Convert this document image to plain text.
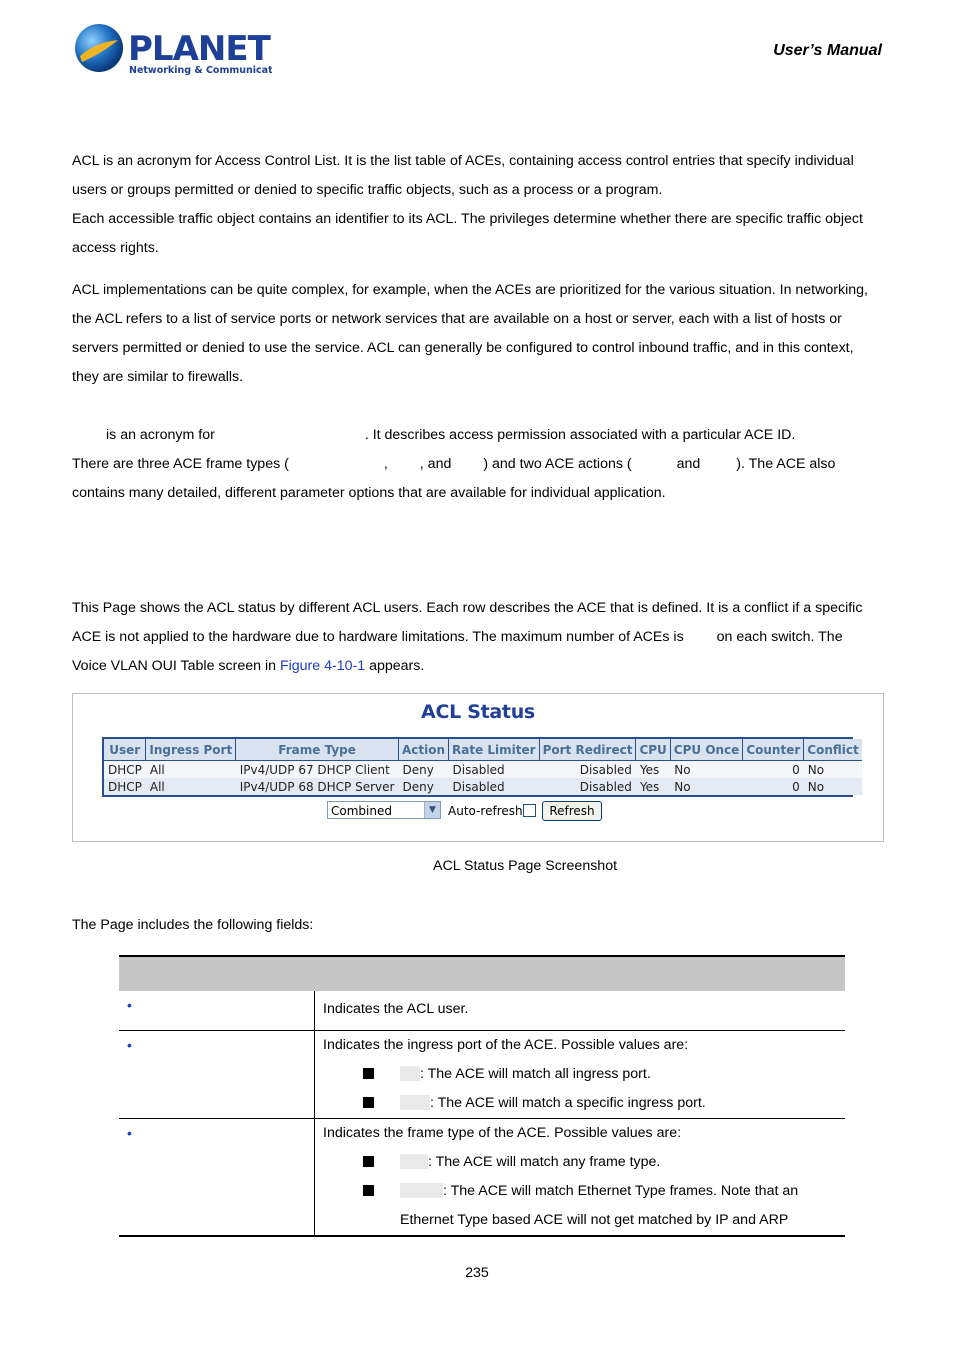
PLANET
Networking & Communicat
User’s Manual
ACL is an acronym for Access Control List. It is the list table of ACEs, containing access control entries that specify individual
users or groups permitted or denied to specific traffic objects, such as a process or a program.
Each accessible traffic object contains an identifier to its ACL. The privileges determine whether there are specific traffic object
access rights.
ACL implementations can be quite complex, for example, when the ACEs are prioritized for the various situation. In networking,
the ACL refers to a list of service ports or network services that are available on a host or server, each with a list of hosts or
servers permitted or denied to use the service. ACL can generally be configured to control inbound traffic, and in this context,
they are similar to firewalls.
is an acronym for	. It describes access permission associated with a particular ACE ID.
There are three ACE frame types (	, , and ) and two ACE actions (	and	). The ACE also
contains many detailed, different parameter options that are available for individual application.
This Page shows the ACL status by different ACL users. Each row describes the ACE that is defined. It is a conflict if a specific
ACE is not applied to the hardware due to hardware limitations. The maximum number of ACEs is on each switch. The
Voice VLAN OUI Table screen in Figure 4-10-1 appears.
ACL Status
User	Ingress Port	Frame Type	Action	Rate Limiter	Port Redirect	CPU	CPU Once	Counter	Conflict
DHCP	All	IPv4/UDP 67 DHCP Client	Deny	Disabled	Disabled	Yes	No	0	No
DHCP	All	IPv4/UDP 68 DHCP Server	Deny	Disabled	Disabled	Yes	No	0	No
Combined	▼	Auto-refresh	Refresh
ACL Status Page Screenshot
The Page includes the following fields:

•	Indicates the ACL user.

•	Indicates the ingress port of the ACE. Possible values are:
: The ACE will match all ingress port.
: The ACE will match a specific ingress port.

•	Indicates the frame type of the ACE. Possible values are:
: The ACE will match any frame type.
: The ACE will match Ethernet Type frames. Note that an
Ethernet Type based ACE will not get matched by IP and ARP
235
